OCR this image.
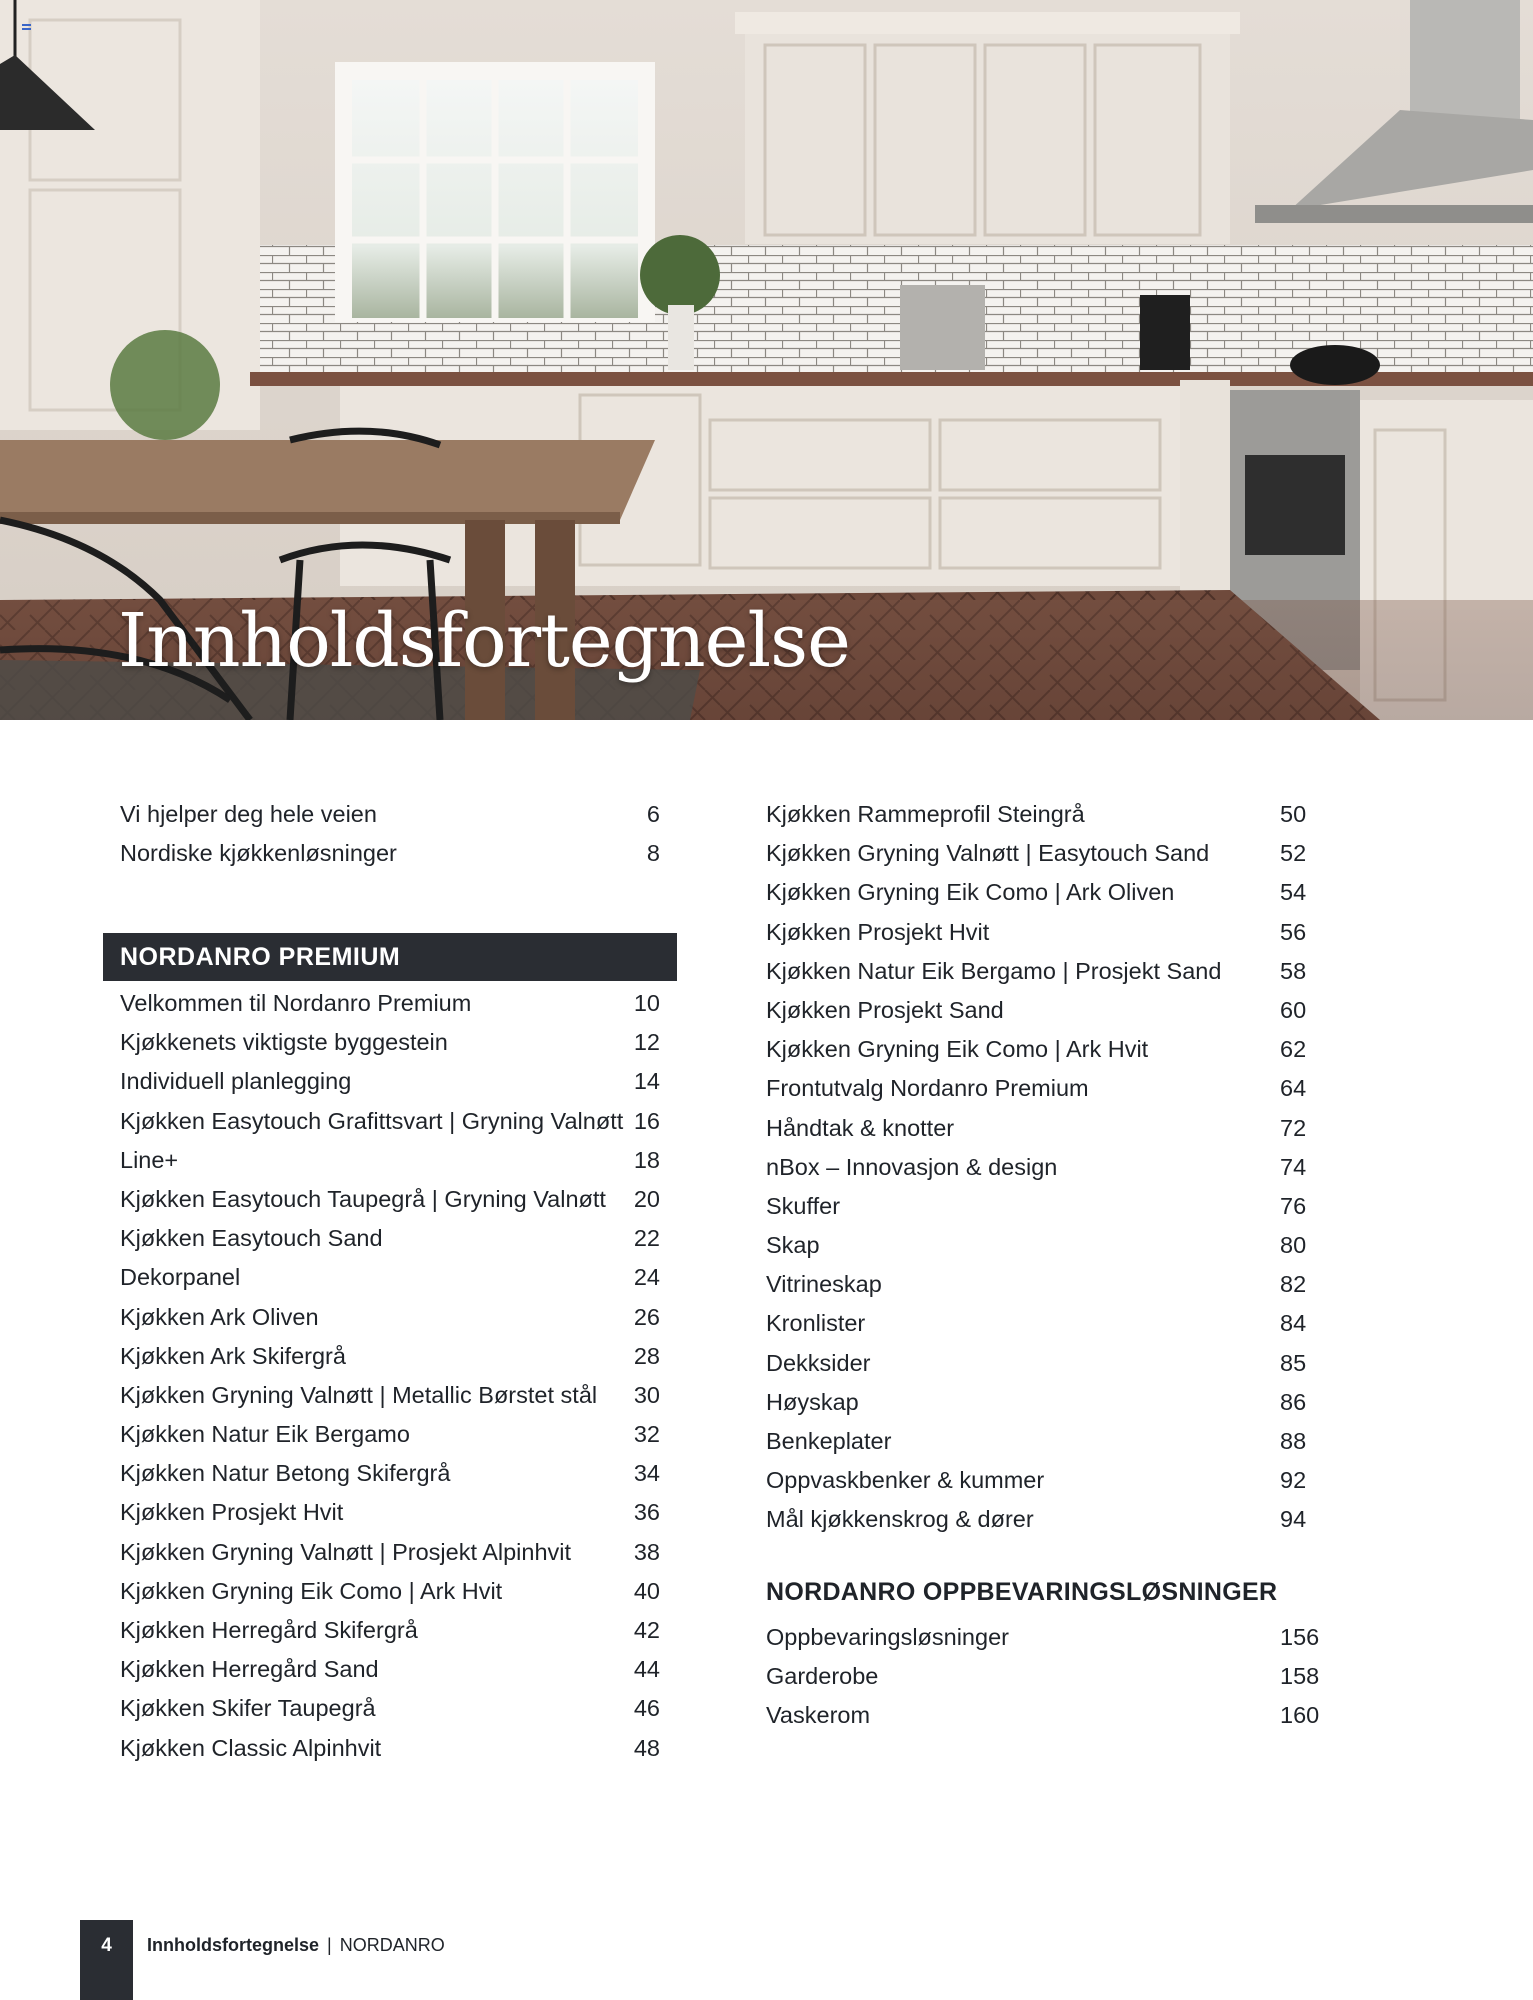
Innholdsfortegnelse
Vi hjelper deg hele veien	6
Nordiske kjøkkenløsninger	8
NORDANRO PREMIUM
Velkommen til Nordanro Premium	10
Kjøkkenets viktigste byggestein	12
Individuell planlegging	14
Kjøkken Easytouch Grafittsvart | Gryning Valnøtt 16
Line+	18
Kjøkken Easytouch Taupegrå | Gryning Valnøtt	20
Kjøkken Easytouch Sand	22
Dekorpanel	24
Kjøkken Ark Oliven	26
Kjøkken Ark Skifergrå	28
Kjøkken Gryning Valnøtt | Metallic Børstet stål	30
Kjøkken Natur Eik Bergamo	32
Kjøkken Natur Betong Skifergrå	34
Kjøkken Prosjekt Hvit	36
Kjøkken Gryning Valnøtt | Prosjekt Alpinhvit	38
Kjøkken Gryning Eik Como | Ark Hvit	40
Kjøkken Herregård Skifergrå	42
Kjøkken Herregård Sand	44
Kjøkken Skifer Taupegrå	46
Kjøkken Classic Alpinhvit	48
Kjøkken Rammeprofil Steingrå	50
Kjøkken Gryning Valnøtt | Easytouch Sand	52
Kjøkken Gryning Eik Como | Ark Oliven	54
Kjøkken Prosjekt Hvit	56
Kjøkken Natur Eik Bergamo | Prosjekt Sand 58
Kjøkken Prosjekt Sand	60
Kjøkken Gryning Eik Como | Ark Hvit	62
Frontutvalg Nordanro Premium	64
Håndtak & knotter	72
nBox – Innovasjon & design	74
Skuffer	76
Skap	80
Vitrineskap	82
Kronlister	84
Dekksider	85
Høyskap	86
Benkeplater	88
Oppvaskbenker & kummer	92
Mål kjøkkenskrog & dører	94
NORDANRO OPPBEVARINGSLØSNINGER
Oppbevaringsløsninger	156
Garderobe	158
Vaskerom	160
4	Innholdsfortegnelse | NORDANRO
